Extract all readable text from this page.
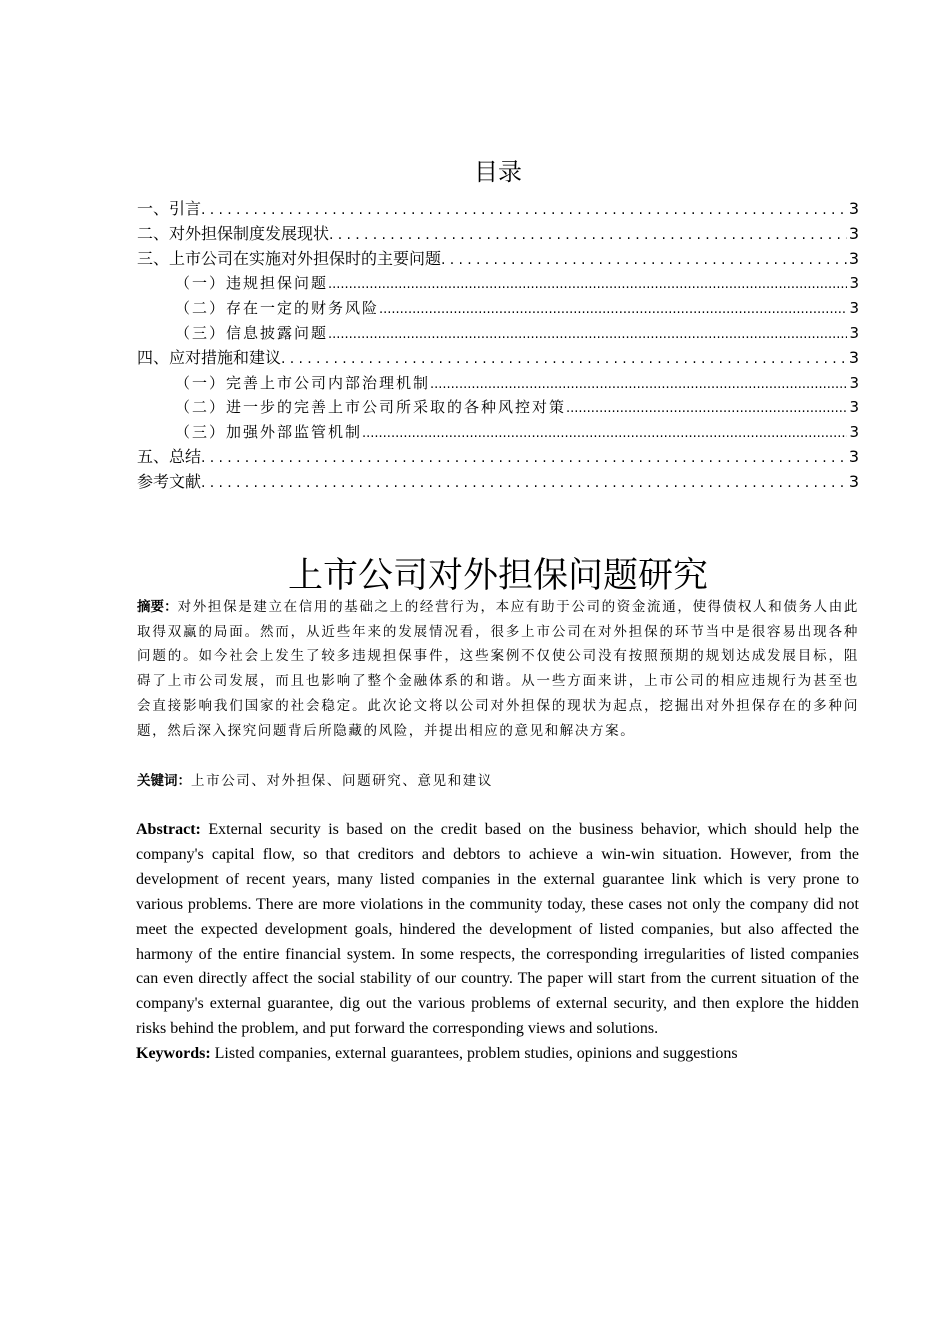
目录
一、引言 .....	3
二、对外担保制度发展现状 .....	3
三、上市公司在实施对外担保时的主要问题 .....	3
（一）违规担保问题 .....	3
（二）存在一定的财务风险 .....	3
（三）信息披露问题 .....	3
四、应对措施和建议 .....	3
（一）完善上市公司内部治理机制 .....	3
（二）进一步的完善上市公司所采取的各种风控对策 .....	3
（三）加强外部监管机制 .....	3
五、总结 .....	3
参考文献 .....	3
上市公司对外担保问题研究
摘要：对外担保是建立在信用的基础之上的经营行为，本应有助于公司的资金流通，使得债权人和债务人由此取得双赢的局面。然而，从近些年来的发展情况看，很多上市公司在对外担保的环节当中是很容易出现各种问题的。如今社会上发生了较多违规担保事件，这些案例不仅使公司没有按照预期的规划达成发展目标，阻碍了上市公司发展，而且也影响了整个金融体系的和谐。从一些方面来讲，上市公司的相应违规行为甚至也会直接影响我们国家的社会稳定。此次论文将以公司对外担保的现状为起点，挖掘出对外担保存在的多种问题，然后深入探究问题背后所隐藏的风险，并提出相应的意见和解决方案。
关键词：上市公司、对外担保、问题研究、意见和建议
Abstract: External security is based on the credit based on the business behavior, which should help the company's capital flow, so that creditors and debtors to achieve a win-win situation. However, from the development of recent years, many listed companies in the external guarantee link which is very prone to various problems. There are more violations in the community today, these cases not only the company did not meet the expected development goals, hindered the development of listed companies, but also affected the harmony of the entire financial system. In some respects, the corresponding irregularities of listed companies can even directly affect the social stability of our country. The paper will start from the current situation of the company's external guarantee, dig out the various problems of external security, and then explore the hidden risks behind the problem, and put forward the corresponding views and solutions.
Keywords: Listed companies, external guarantees, problem studies, opinions and suggestions
